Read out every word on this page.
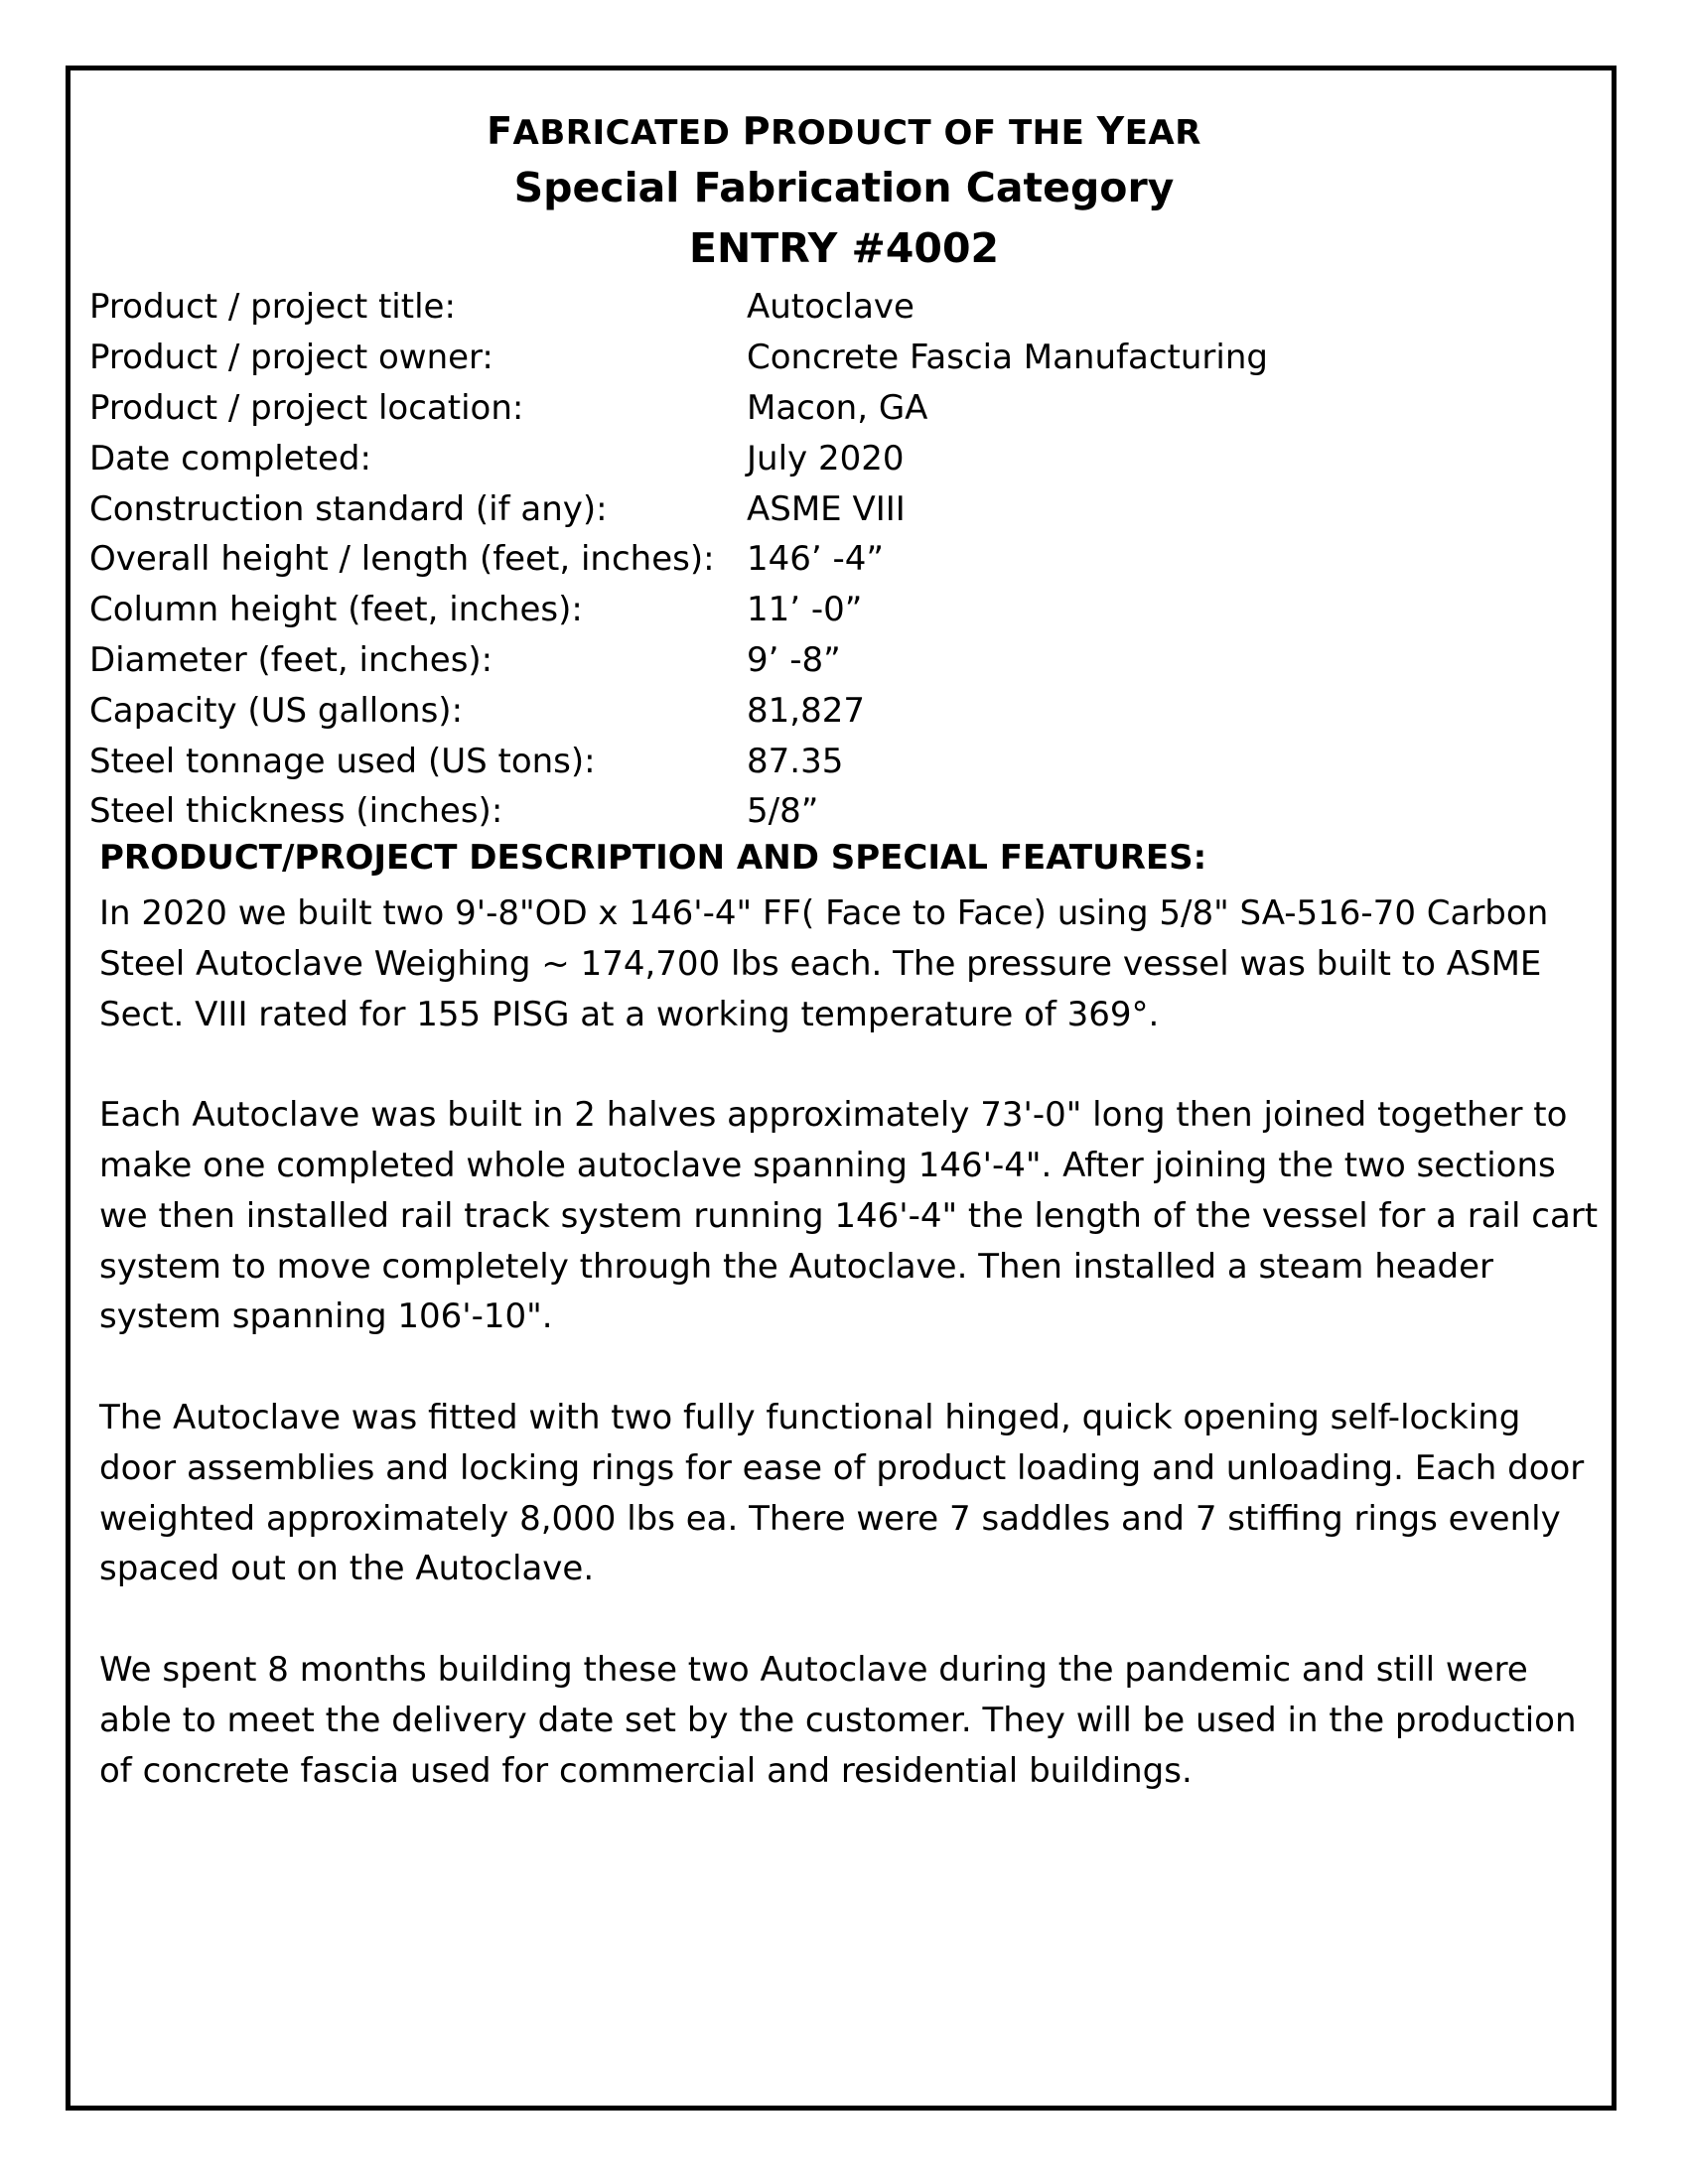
FABRICATED PRODUCT OF THE YEAR
Special Fabrication Category
ENTRY #4002
Product / project title:	Autoclave
Product / project owner:	Concrete Fascia Manufacturing
Product / project location:	Macon, GA
Date completed:	July 2020
Construction standard (if any):	ASME VIII
Overall height / length (feet, inches): 146’ -4”
Column height (feet, inches):	11’ -0”
Diameter (feet, inches):	9’ -8”
Capacity (US gallons):	81,827
Steel tonnage used (US tons):	87.35
Steel thickness (inches):	5/8”
PRODUCT/PROJECT DESCRIPTION AND SPECIAL FEATURES:
In 2020 we built two 9'-8"OD x 146'-4" FF( Face to Face) using 5/8" SA-516-70 Carbon
Steel Autoclave Weighing ~ 174,700 lbs each. The pressure vessel was built to ASME
Sect. VIII rated for 155 PISG at a working temperature of 369°.
Each Autoclave was built in 2 halves approximately 73'-0" long then joined together to
make one completed whole autoclave spanning 146'-4". After joining the two sections
we then installed rail track system running 146'-4" the length of the vessel for a rail cart
system to move completely through the Autoclave. Then installed a steam header
system spanning 106'-10".
The Autoclave was fitted with two fully functional hinged, quick opening self-locking
door assemblies and locking rings for ease of product loading and unloading. Each door
weighted approximately 8,000 lbs ea. There were 7 saddles and 7 stiffing rings evenly
spaced out on the Autoclave.
We spent 8 months building these two Autoclave during the pandemic and still were
able to meet the delivery date set by the customer. They will be used in the production
of concrete fascia used for commercial and residential buildings.
